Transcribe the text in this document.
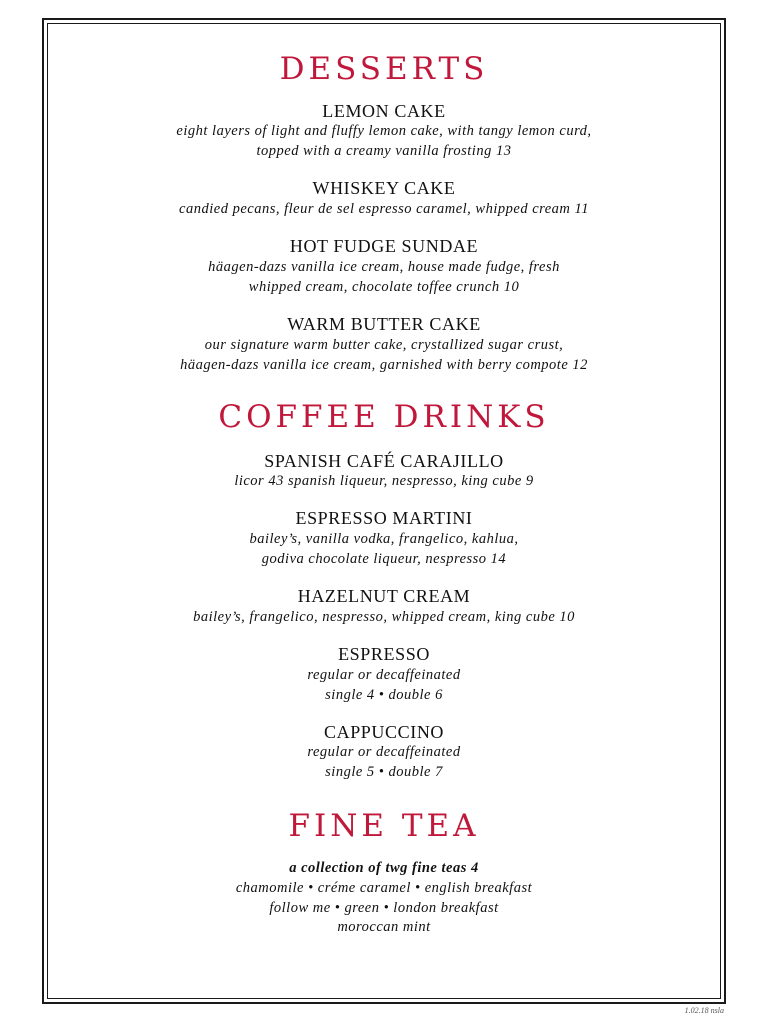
DESSERTS
LEMON CAKE
eight layers of light and fluffy lemon cake, with tangy lemon curd,
topped with a creamy vanilla frosting 13
WHISKEY CAKE
candied pecans, fleur de sel espresso caramel, whipped cream 11
HOT FUDGE SUNDAE
häagen-dazs vanilla ice cream, house made fudge, fresh
whipped cream, chocolate toffee crunch 10
WARM BUTTER CAKE
our signature warm butter cake, crystallized sugar crust,
häagen-dazs vanilla ice cream, garnished with berry compote 12
COFFEE DRINKS
SPANISH CAFÉ CARAJILLO
licor 43 spanish liqueur, nespresso, king cube 9
ESPRESSO MARTINI
bailey’s, vanilla vodka, frangelico, kahlua,
godiva chocolate liqueur, nespresso 14
HAZELNUT CREAM
bailey’s, frangelico, nespresso, whipped cream, king cube 10
ESPRESSO
regular or decaffeinated
single 4 • double 6
CAPPUCCINO
regular or decaffeinated
single 5 • double 7
FINE TEA
a collection of twg fine teas 4
chamomile • créme caramel • english breakfast
follow me • green • london breakfast
moroccan mint
1.02.18 nsla
